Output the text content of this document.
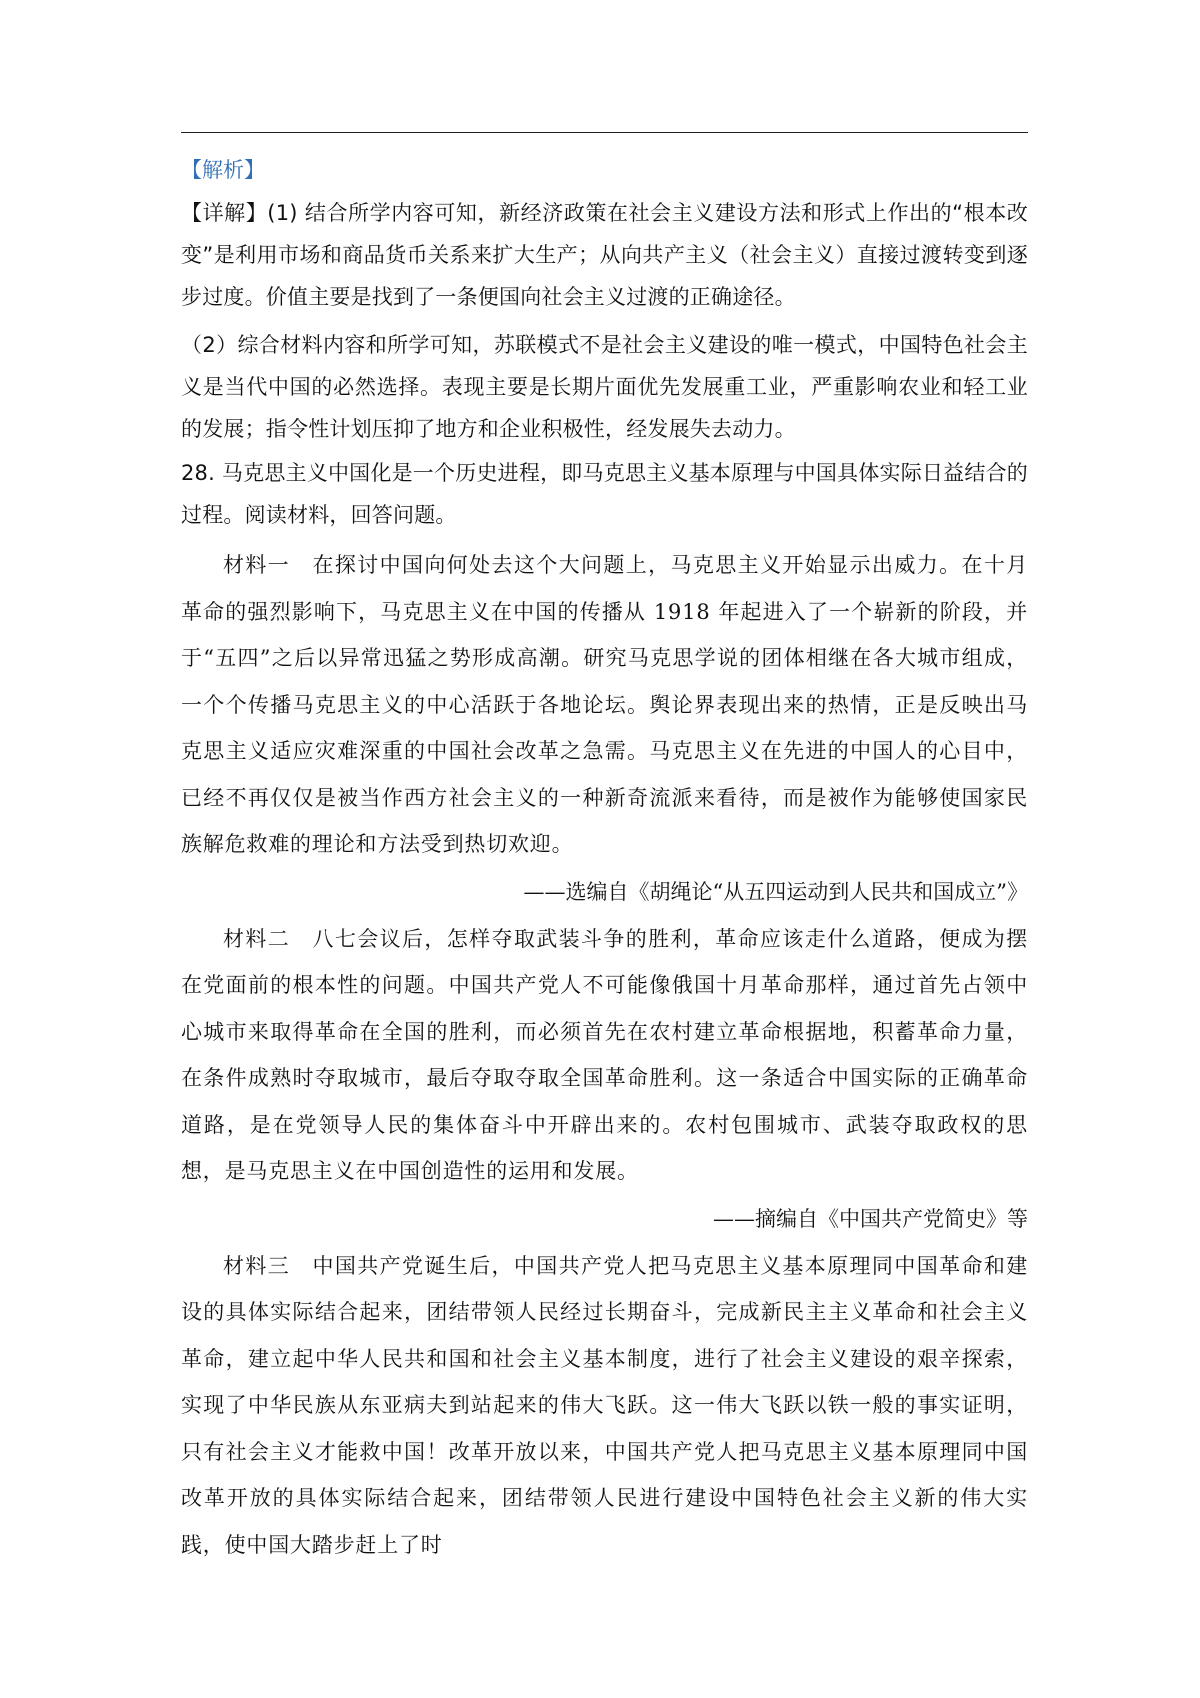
【解析】

【详解】(1) 结合所学内容可知，新经济政策在社会主义建设方法和形式上作出的“根本改变”是利用市场和商品货币关系来扩大生产；从向共产主义（社会主义）直接过渡转变到逐步过度。价值主要是找到了一条便国向社会主义过渡的正确途径。

（2）综合材料内容和所学可知，苏联模式不是社会主义建设的唯一模式，中国特色社会主义是当代中国的必然选择。表现主要是长期片面优先发展重工业，严重影响农业和轻工业的发展；指令性计划压抑了地方和企业积极性，经发展失去动力。

28. 马克思主义中国化是一个历史进程，即马克思主义基本原理与中国具体实际日益结合的过程。阅读材料，回答问题。

材料一　在探讨中国向何处去这个大问题上，马克思主义开始显示出威力。在十月革命的强烈影响下，马克思主义在中国的传播从 1918 年起进入了一个崭新的阶段，并于“五四”之后以异常迅猛之势形成高潮。研究马克思学说的团体相继在各大城市组成，一个个传播马克思主义的中心活跃于各地论坛。舆论界表现出来的热情，正是反映出马克思主义适应灾难深重的中国社会改革之急需。马克思主义在先进的中国人的心目中，已经不再仅仅是被当作西方社会主义的一种新奇流派来看待，而是被作为能够使国家民族解危救难的理论和方法受到热切欢迎。

——选编自《胡绳论“从五四运动到人民共和国成立”》

材料二　八七会议后，怎样夺取武装斗争的胜利，革命应该走什么道路，便成为摆在党面前的根本性的问题。中国共产党人不可能像俄国十月革命那样，通过首先占领中心城市来取得革命在全国的胜利，而必须首先在农村建立革命根据地，积蓄革命力量，在条件成熟时夺取城市，最后夺取夺取全国革命胜利。这一条适合中国实际的正确革命道路，是在党领导人民的集体奋斗中开辟出来的。农村包围城市、武装夺取政权的思想，是马克思主义在中国创造性的运用和发展。

——摘编自《中国共产党简史》等

材料三　中国共产党诞生后，中国共产党人把马克思主义基本原理同中国革命和建设的具体实际结合起来，团结带领人民经过长期奋斗，完成新民主主义革命和社会主义革命，建立起中华人民共和国和社会主义基本制度，进行了社会主义建设的艰辛探索，实现了中华民族从东亚病夫到站起来的伟大飞跃。这一伟大飞跃以铁一般的事实证明，只有社会主义才能救中国！改革开放以来，中国共产党人把马克思主义基本原理同中国改革开放的具体实际结合起来，团结带领人民进行建设中国特色社会主义新的伟大实践，使中国大踏步赶上了时
